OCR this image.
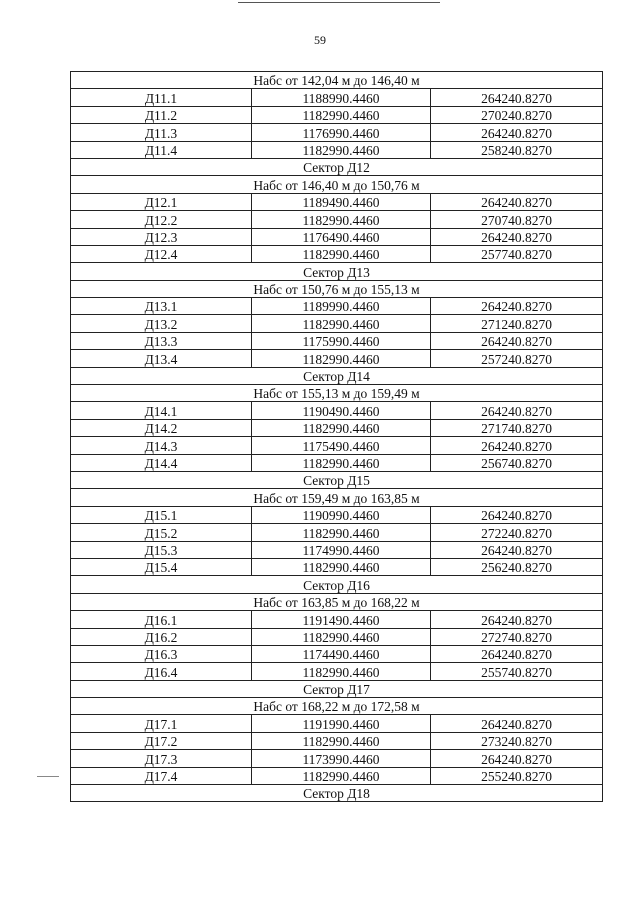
59
Набс от 142,04 м до 146,40 м		
Д11.1	1188990.4460	264240.8270
Д11.2	1182990.4460	270240.8270
Д11.3	1176990.4460	264240.8270
Д11.4	1182990.4460	258240.8270
Сектор Д12		
Набс от 146,40 м до 150,76 м		
Д12.1	1189490.4460	264240.8270
Д12.2	1182990.4460	270740.8270
Д12.3	1176490.4460	264240.8270
Д12.4	1182990.4460	257740.8270
Сектор Д13		
Набс от 150,76 м до 155,13 м		
Д13.1	1189990.4460	264240.8270
Д13.2	1182990.4460	271240.8270
Д13.3	1175990.4460	264240.8270
Д13.4	1182990.4460	257240.8270
Сектор Д14		
Набс от 155,13 м до 159,49 м		
Д14.1	1190490.4460	264240.8270
Д14.2	1182990.4460	271740.8270
Д14.3	1175490.4460	264240.8270
Д14.4	1182990.4460	256740.8270
Сектор Д15		
Набс от 159,49 м до 163,85 м		
Д15.1	1190990.4460	264240.8270
Д15.2	1182990.4460	272240.8270
Д15.3	1174990.4460	264240.8270
Д15.4	1182990.4460	256240.8270
Сектор Д16		
Набс от 163,85 м до 168,22 м		
Д16.1	1191490.4460	264240.8270
Д16.2	1182990.4460	272740.8270
Д16.3	1174490.4460	264240.8270
Д16.4	1182990.4460	255740.8270
Сектор Д17		
Набс от 168,22 м до 172,58 м		
Д17.1	1191990.4460	264240.8270
Д17.2	1182990.4460	273240.8270
Д17.3	1173990.4460	264240.8270
Д17.4	1182990.4460	255240.8270
Сектор Д18		
